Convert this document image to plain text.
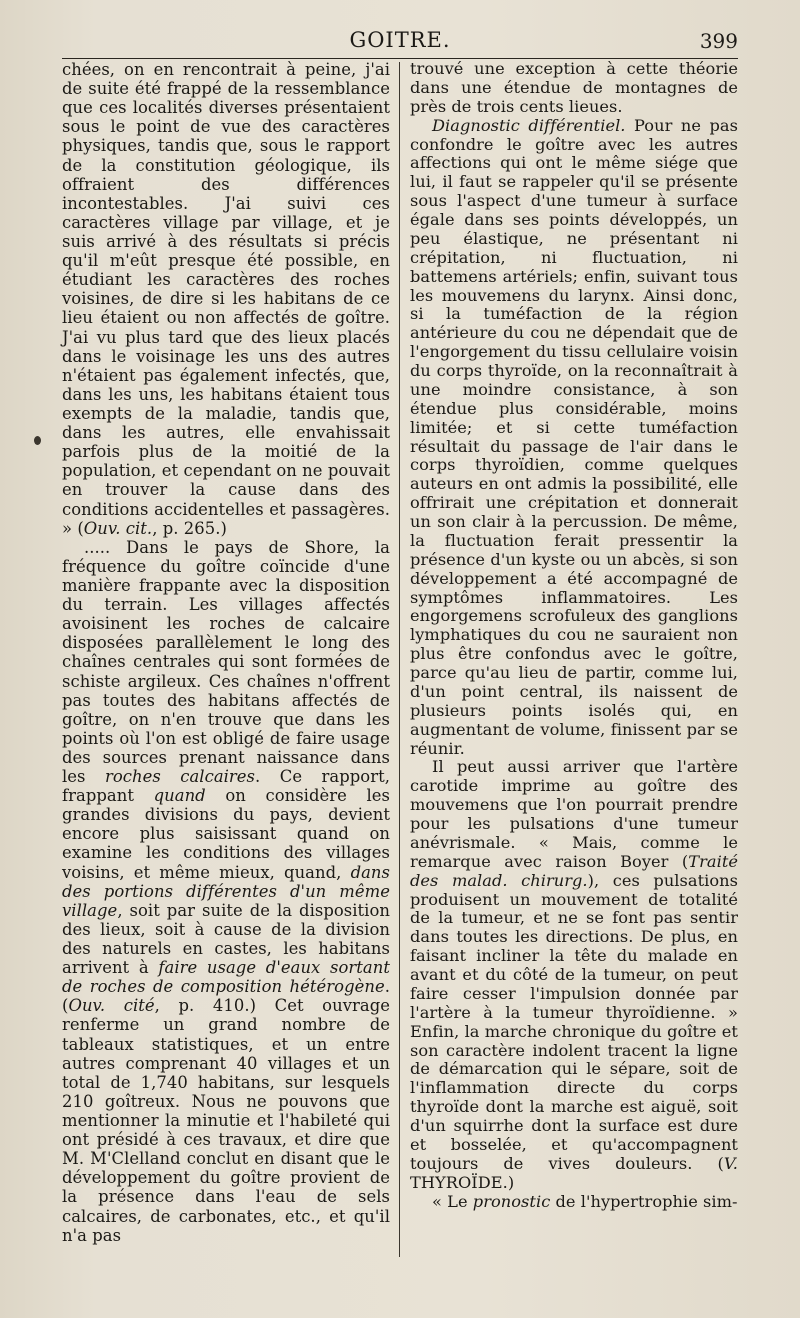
GOITRE.	399

chées, on en rencontrait à peine, j'ai de suite été frappé de la ressemblance que ces localités diverses présentaient sous le point de vue des caractères physiques, tandis que, sous le rapport de la constitution géologique, ils offraient des différences incontestables. J'ai suivi ces caractères village par village, et je suis arrivé à des résultats si précis qu'il m'eût presque été possible, en étudiant les caractères des roches voisines, de dire si les habitans de ce lieu étaient ou non affectés de goître. J'ai vu plus tard que des lieux placés dans le voisinage les uns des autres n'étaient pas également infectés, que, dans les uns, les habitans étaient tous exempts de la maladie, tandis que, dans les autres, elle envahissait parfois plus de la moitié de la population, et cependant on ne pouvait en trouver la cause dans des conditions accidentelles et passagères. » (Ouv. cit., p. 265.)

..... Dans le pays de Shore, la fréquence du goître coïncide d'une manière frappante avec la disposition du terrain. Les villages affectés avoisinent les roches de calcaire disposées parallèlement le long des chaînes centrales qui sont formées de schiste argileux. Ces chaînes n'offrent pas toutes des habitans affectés de goître, on n'en trouve que dans les points où l'on est obligé de faire usage des sources prenant naissance dans les roches calcaires. Ce rapport, frappant quand on considère les grandes divisions du pays, devient encore plus saisissant quand on examine les conditions des villages voisins, et même mieux, quand, dans des portions différentes d'un même village, soit par suite de la disposition des lieux, soit à cause de la division des naturels en castes, les habitans arrivent à faire usage d'eaux sortant de roches de composition hétérogène. (Ouv. cité, p. 410.) Cet ouvrage renferme un grand nombre de tableaux statistiques, et un entre autres comprenant 40 villages et un total de 1,740 habitans, sur lesquels 210 goîtreux. Nous ne pouvons que mentionner la minutie et l'habileté qui ont présidé à ces travaux, et dire que M. M'Clelland conclut en disant que le développement du goître provient de la présence dans l'eau de sels calcaires, de carbonates, etc., et qu'il n'a pas

trouvé une exception à cette théorie dans une étendue de montagnes de près de trois cents lieues.

Diagnostic différentiel. Pour ne pas confondre le goître avec les autres affections qui ont le même siége que lui, il faut se rappeler qu'il se présente sous l'aspect d'une tumeur à surface égale dans ses points développés, un peu élastique, ne présentant ni crépitation, ni fluctuation, ni battemens artériels; enfin, suivant tous les mouvemens du larynx. Ainsi donc, si la tuméfaction de la région antérieure du cou ne dépendait que de l'engorgement du tissu cellulaire voisin du corps thyroïde, on la reconnaîtrait à une moindre consistance, à son étendue plus considérable, moins limitée; et si cette tuméfaction résultait du passage de l'air dans le corps thyroïdien, comme quelques auteurs en ont admis la possibilité, elle offrirait une crépitation et donnerait un son clair à la percussion. De même, la fluctuation ferait pressentir la présence d'un kyste ou un abcès, si son développement a été accompagné de symptômes inflammatoires. Les engorgemens scrofuleux des ganglions lymphatiques du cou ne sauraient non plus être confondus avec le goître, parce qu'au lieu de partir, comme lui, d'un point central, ils naissent de plusieurs points isolés qui, en augmentant de volume, finissent par se réunir.

Il peut aussi arriver que l'artère carotide imprime au goître des mouvemens que l'on pourrait prendre pour les pulsations d'une tumeur anévrismale. « Mais, comme le remarque avec raison Boyer (Traité des malad. chirurg.), ces pulsations produisent un mouvement de totalité de la tumeur, et ne se font pas sentir dans toutes les directions. De plus, en faisant incliner la tête du malade en avant et du côté de la tumeur, on peut faire cesser l'impulsion donnée par l'artère à la tumeur thyroïdienne. » Enfin, la marche chronique du goître et son caractère indolent tracent la ligne de démarcation qui le sépare, soit de l'inflammation directe du corps thyroïde dont la marche est aiguë, soit d'un squirrhe dont la surface est dure et bosselée, et qu'accompagnent toujours de vives douleurs. (V. THYROÏDE.)

« Le pronostic de l'hypertrophie sim-
